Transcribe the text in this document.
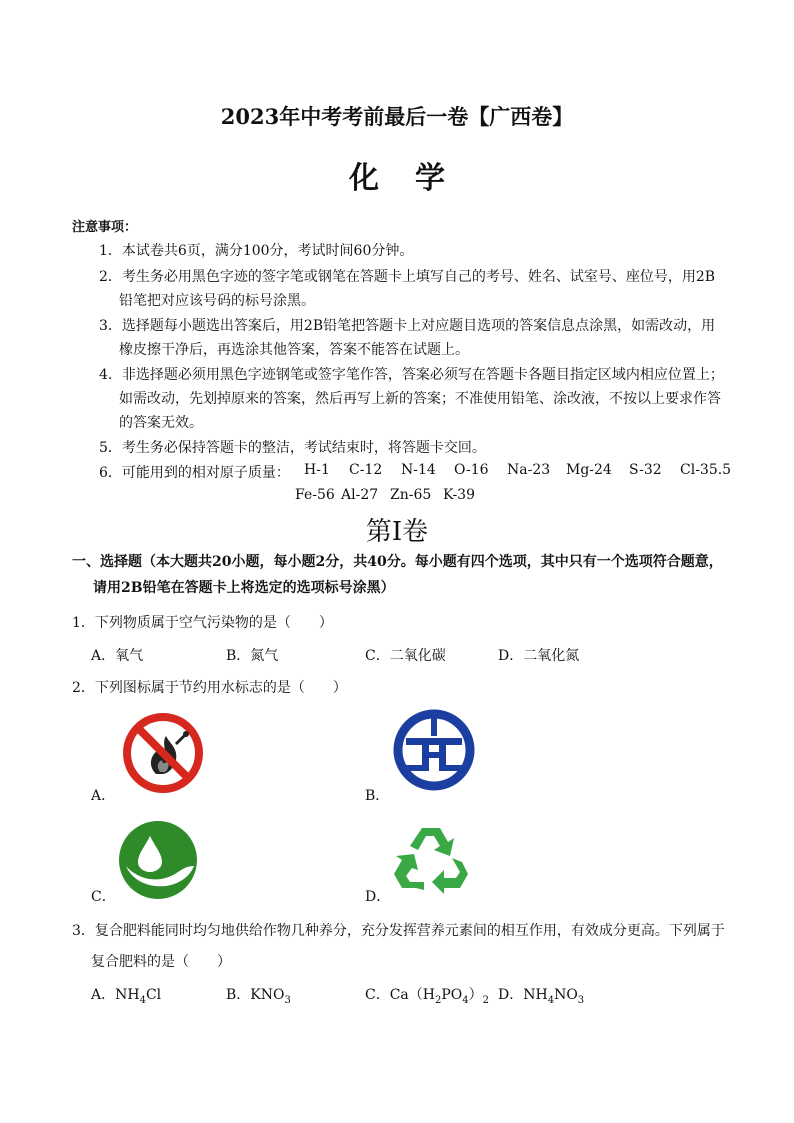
2023年中考考前最后一卷【广西卷】
化学
注意事项：
1．本试卷共6页，满分100分，考试时间60分钟。
2．考生务必用黑色字迹的签字笔或钢笔在答题卡上填写自己的考号、姓名、试室号、座位号，用2B
铅笔把对应该号码的标号涂黑。
3．选择题每小题选出答案后，用2B铅笔把答题卡上对应题目选项的答案信息点涂黑，如需改动，用
橡皮擦干净后，再选涂其他答案，答案不能答在试题上。
4．非选择题必须用黑色字迹钢笔或签字笔作答，答案必须写在答题卡各题目指定区域内相应位置上；
如需改动，先划掉原来的答案，然后再写上新的答案；不准使用铅笔、涂改液，不按以上要求作答
的答案无效。
5．考生务必保持答题卡的整洁，考试结束时，将答题卡交回。
6．可能用到的相对原子质量： H-1 C-12 N-14 O-16 Na-23 Mg-24 S-32 Cl-35.5
Fe-56 Al-27 Zn-65 K-39
第Ⅰ卷
一、选择题（本大题共20小题，每小题2分，共40分。每小题有四个选项，其中只有一个选项符合题意，
请用2B铅笔在答题卡上将选定的选项标号涂黑）
1．下列物质属于空气污染物的是（　　）
A．氧气	B．氮气	C．二氧化碳	D．二氧化氮
2．下列图标属于节约用水标志的是（　　）
A．	B．
C．	D．
3．复合肥料能同时均匀地供给作物几种养分，充分发挥营养元素间的相互作用，有效成分更高。下列属于
复合肥料的是（　　）
A．$NH_4Cl$	B．$KNO_3$	C．$Ca(H_2PO_4)_2$ D．$NH_4NO_3$
